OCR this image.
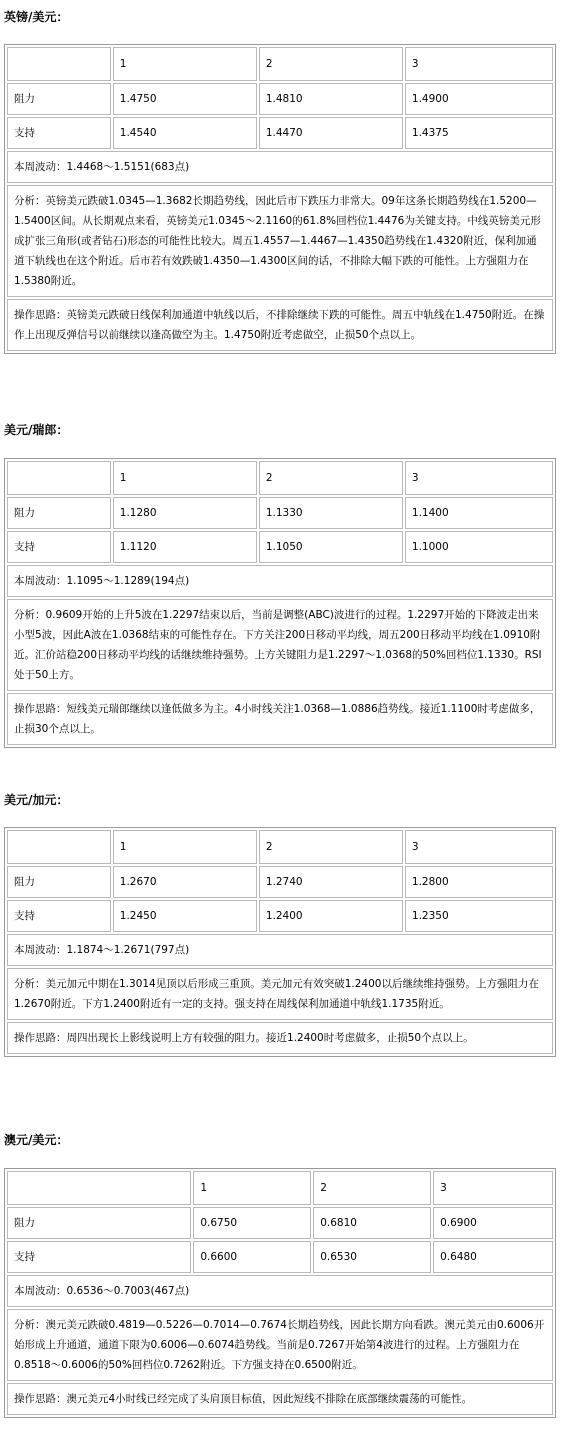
英镑/美元：
	1	2	3
阻力	1.4750	1.4810	1.4900
支持	1.4540	1.4470	1.4375
本周波动：1.4468～1.5151(683点)			
分析：英镑美元跌破1.0345—1.3682长期趋势线，因此后市下跌压力非常大。09年这条长期趋势线在1.5200—1.5400区间。从长期观点来看，英镑美元1.0345～2.1160的61.8%回档位1.4476为关键支持。中线英镑美元形成扩张三角形(或者钻石)形态的可能性比较大。周五1.4557—1.4467—1.4350趋势线在1.4320附近，保利加通道下轨线也在这个附近。后市若有效跌破1.4350—1.4300区间的话，不排除大幅下跌的可能性。上方强阻力在1.5380附近。			
操作思路：英镑美元跌破日线保利加通道中轨线以后，不排除继续下跌的可能性。周五中轨线在1.4750附近。在操作上出现反弹信号以前继续以逢高做空为主。1.4750附近考虑做空，止损50个点以上。			
美元/瑞郎：
	1	2	3
阻力	1.1280	1.1330	1.1400
支持	1.1120	1.1050	1.1000
本周波动：1.1095～1.1289(194点)			
分析：0.9609开始的上升5波在1.2297结束以后，当前是调整(ABC)波进行的过程。1.2297开始的下降波走出来小型5波，因此A波在1.0368结束的可能性存在。下方关注200日移动平均线，周五200日移动平均线在1.0910附近。汇价站稳200日移动平均线的话继续维持强势。上方关键阻力是1.2297～1.0368的50%回档位1.1330。RSI处于50上方。			
操作思路：短线美元瑞郎继续以逢低做多为主。4小时线关注1.0368—1.0886趋势线。接近1.1100时考虑做多，止损30个点以上。			
美元/加元：
	1	2	3
阻力	1.2670	1.2740	1.2800
支持	1.2450	1.2400	1.2350
本周波动：1.1874～1.2671(797点)			
分析：美元加元中期在1.3014见顶以后形成三重顶。美元加元有效突破1.2400以后继续维持强势。上方强阻力在1.2670附近。下方1.2400附近有一定的支持。强支持在周线保利加通道中轨线1.1735附近。			
操作思路：周四出现长上影线说明上方有较强的阻力。接近1.2400时考虑做多，止损50个点以上。			
澳元/美元：
	1	2	3
阻力	0.6750	0.6810	0.6900
支持	0.6600	0.6530	0.6480
本周波动：0.6536～0.7003(467点)			
分析：澳元美元跌破0.4819—0.5226—0.7014—0.7674长期趋势线，因此长期方向看跌。澳元美元由0.6006开始形成上升通道，通道下限为0.6006—0.6074趋势线。当前是0.7267开始第4波进行的过程。上方强阻力在0.8518～0.6006的50%回档位0.7262附近。下方强支持在0.6500附近。			
操作思路：澳元美元4小时线已经完成了头肩顶目标值，因此短线不排除在底部继续震荡的可能性。			
